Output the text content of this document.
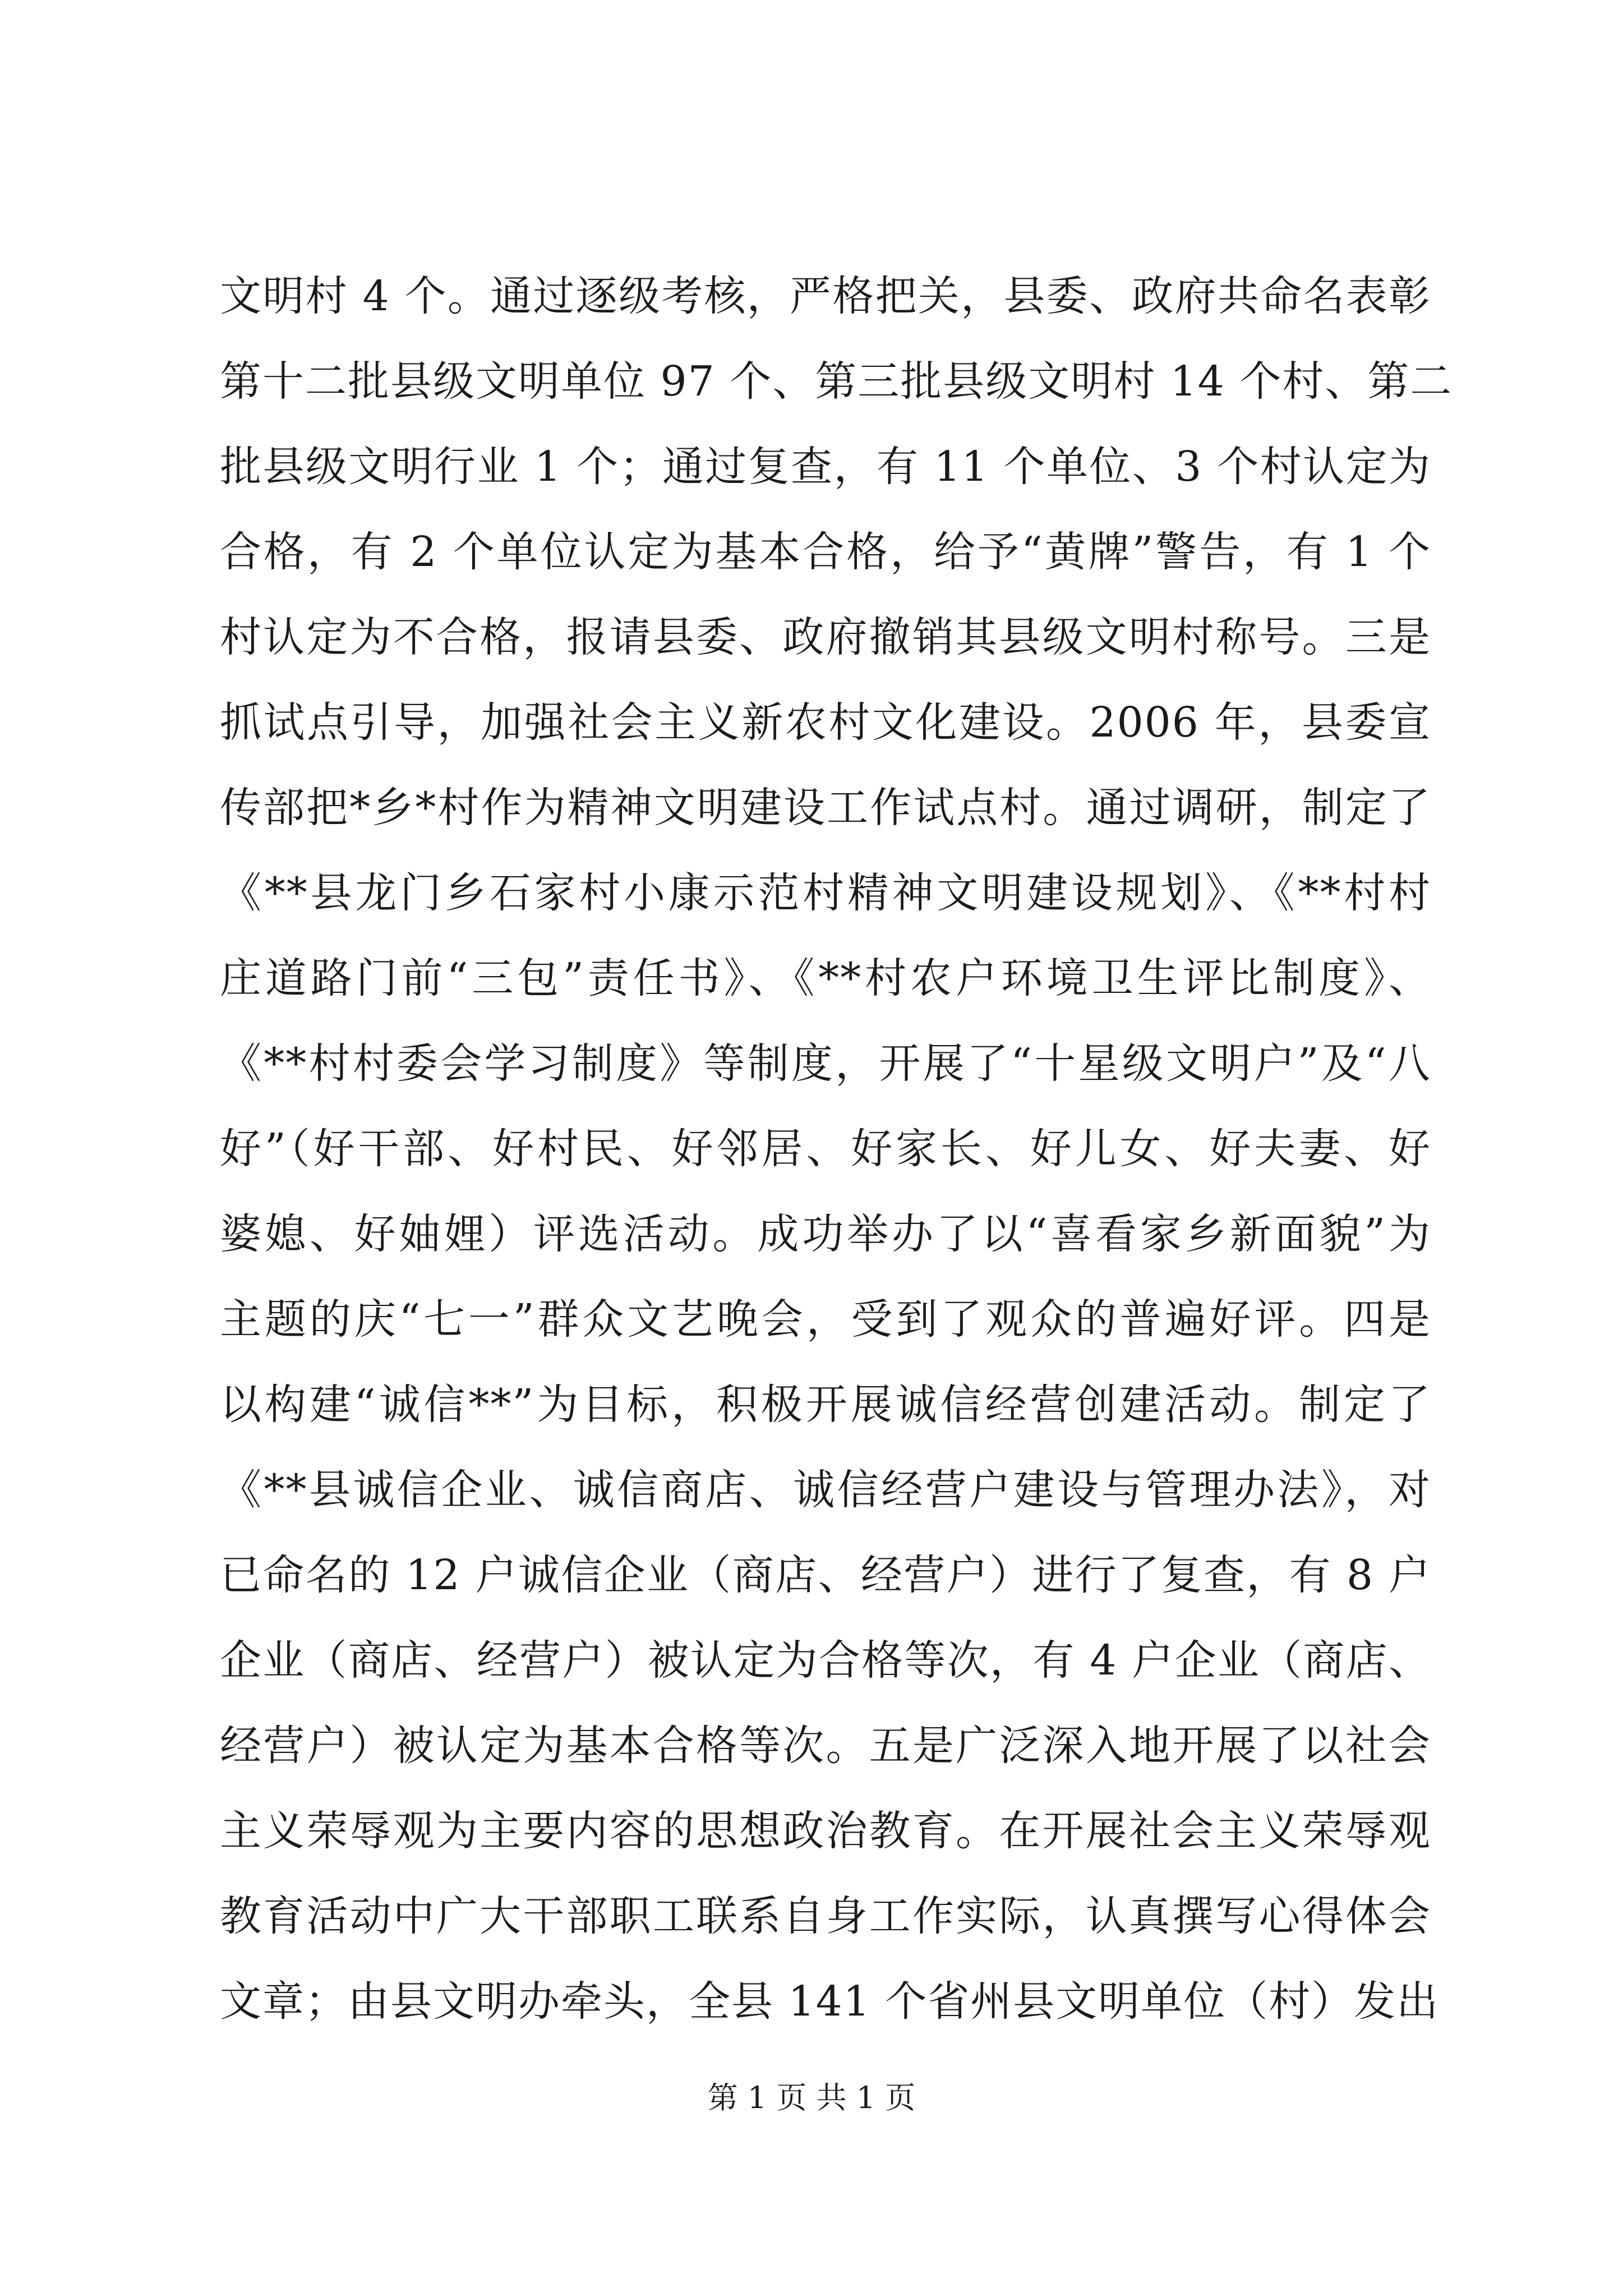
文明村 4 个。通过逐级考核，严格把关，县委、政府共命名表彰
第十二批县级文明单位 97 个、第三批县级文明村 14 个村、第二
批县级文明行业 1 个；通过复查，有 11 个单位、3 个村认定为
合格，有 2 个单位认定为基本合格，给予“黄牌”警告，有 1 个
村认定为不合格，报请县委、政府撤销其县级文明村称号。三是
抓试点引导，加强社会主义新农村文化建设。2006 年，县委宣
传部把*乡*村作为精神文明建设工作试点村。通过调研，制定了
《**县龙门乡石家村小康示范村精神文明建设规划》、《**村村
庄道路门前“三包”责任书》、《**村农户环境卫生评比制度》、
《**村村委会学习制度》等制度，开展了“十星级文明户”及“八
好”（好干部、好村民、好邻居、好家长、好儿女、好夫妻、好
婆媳、好妯娌）评选活动。成功举办了以“喜看家乡新面貌”为
主题的庆“七一”群众文艺晚会，受到了观众的普遍好评。四是
以构建“诚信**”为目标，积极开展诚信经营创建活动。制定了
《**县诚信企业、诚信商店、诚信经营户建设与管理办法》，对
已命名的 12 户诚信企业（商店、经营户）进行了复查，有 8 户
企业（商店、经营户）被认定为合格等次，有 4 户企业（商店、
经营户）被认定为基本合格等次。五是广泛深入地开展了以社会
主义荣辱观为主要内容的思想政治教育。在开展社会主义荣辱观
教育活动中广大干部职工联系自身工作实际，认真撰写心得体会
文章；由县文明办牵头，全县 141 个省州县文明单位（村）发出
第 1 页 共 1 页
